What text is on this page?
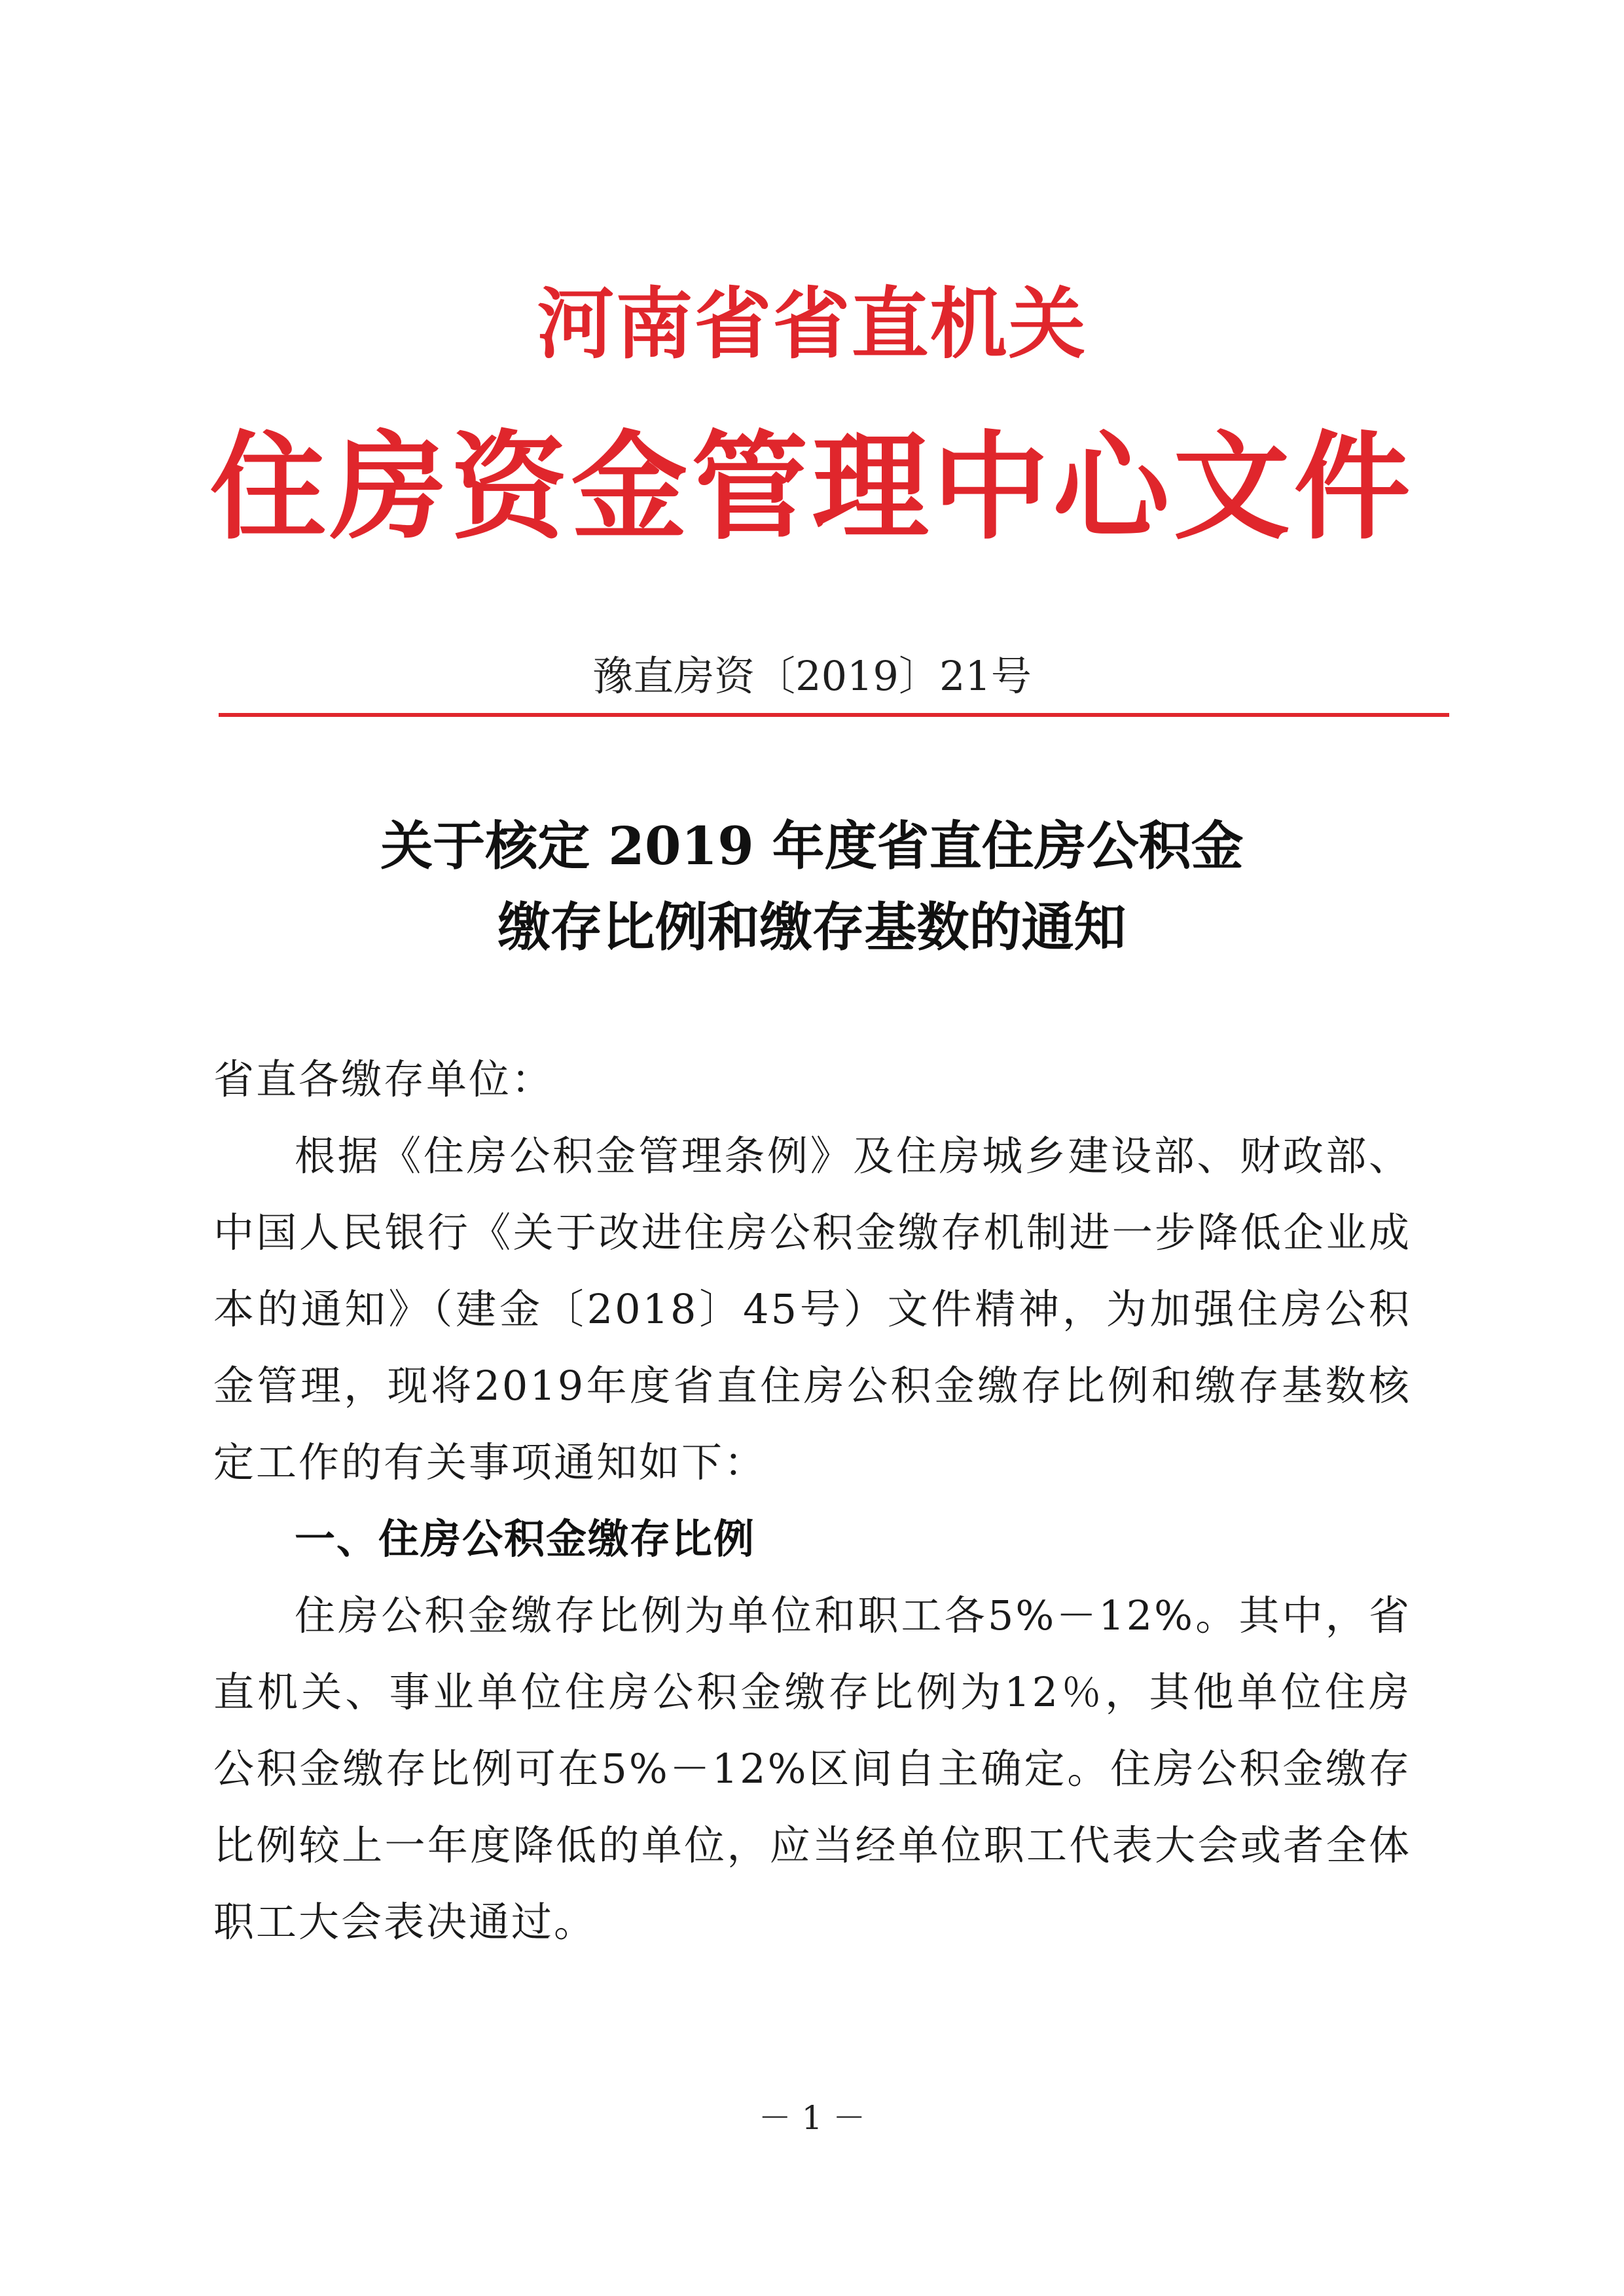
河南省省直机关
住房资金管理中心文件
豫直房资〔2019〕21号
关于核定 2019 年度省直住房公积金
缴存比例和缴存基数的通知

省直各缴存单位：

根据《住房公积金管理条例》及住房城乡建设部、财政部、中国人民银行《关于改进住房公积金缴存机制进一步降低企业成本的通知》（建金〔2018〕45号）文件精神，为加强住房公积金管理，现将2019年度省直住房公积金缴存比例和缴存基数核定工作的有关事项通知如下：

一、住房公积金缴存比例

住房公积金缴存比例为单位和职工各5%－12%。其中，省直机关、事业单位住房公积金缴存比例为12％，其他单位住房公积金缴存比例可在5%－12%区间自主确定。住房公积金缴存比例较上一年度降低的单位，应当经单位职工代表大会或者全体职工大会表决通过。

－ 1 －
